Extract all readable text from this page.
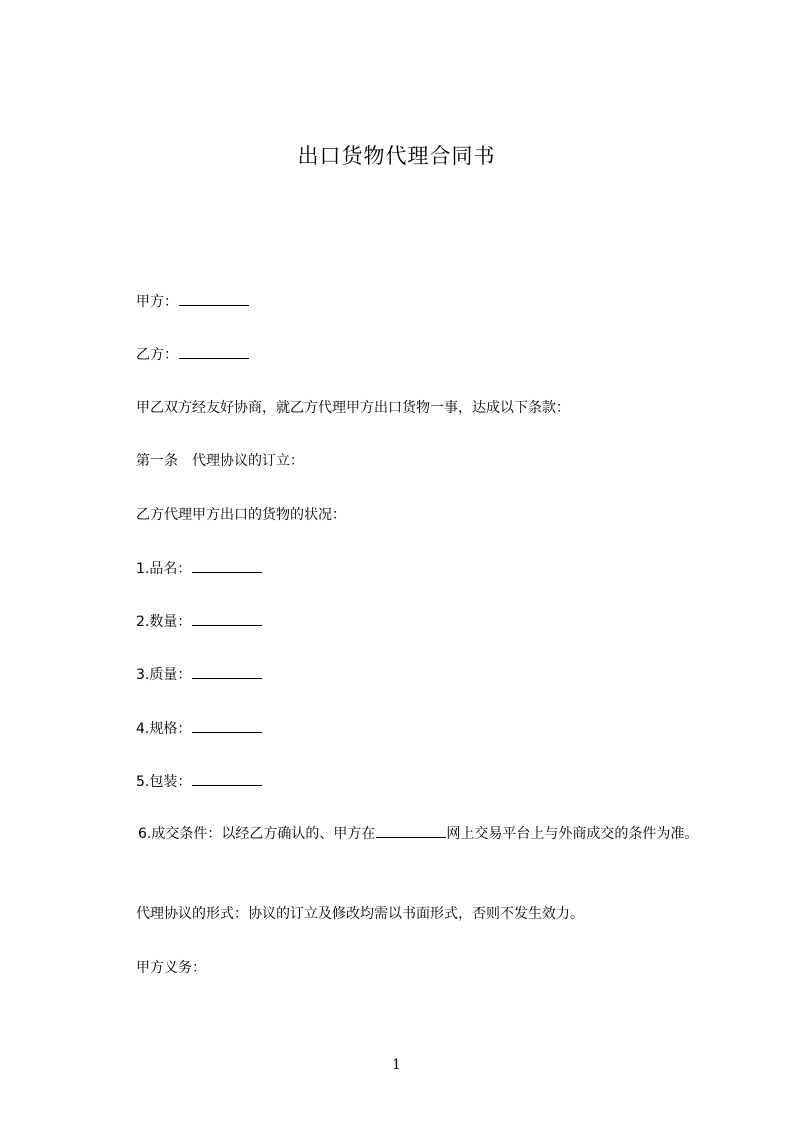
出口货物代理合同书
甲方：
乙方：
甲乙双方经友好协商，就乙方代理甲方出口货物一事，达成以下条款：
第一条　代理协议的订立：
乙方代理甲方出口的货物的状况：
1.品名：
2.数量：
3.质量：
4.规格：
5.包装：
6.成交条件：以经乙方确认的、甲方在	网上交易平台上与外商成交的条件为准。
代理协议的形式：协议的订立及修改均需以书面形式，否则不发生效力。
甲方义务：
1
